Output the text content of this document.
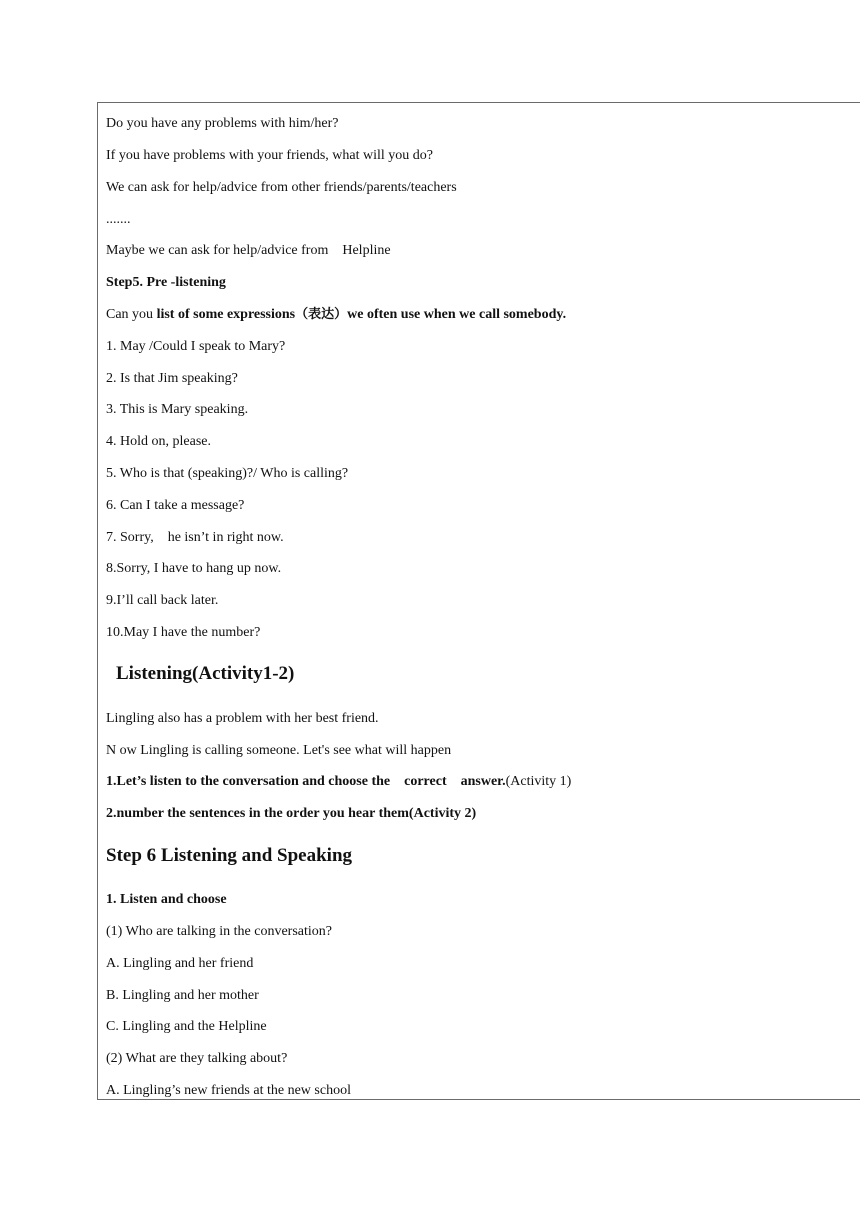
Do you have any problems with him/her?
If you have problems with your friends, what will you do?
We can ask for help/advice from other friends/parents/teachers
.......
Maybe we can ask for help/advice from    Helpline
Step5. Pre -listening
Can you list of some expressions（表达）we often use when we call somebody.
1. May /Could I speak to Mary?
2. Is that Jim speaking?
3. This is Mary speaking.
4. Hold on, please.
5. Who is that (speaking)?/ Who is calling?
6. Can I take a message?
7. Sorry,    he isn’t in right now.
8.Sorry, I have to hang up now.
9.I’ll call back later.
10.May I have the number?
Listening(Activity1-2)
Lingling also has a problem with her best friend.
N ow Lingling is calling someone. Let's see what will happen
1.Let’s listen to the conversation and choose the    correct    answer.(Activity 1)
2.number the sentences in the order you hear them(Activity 2)
Step 6 Listening and Speaking
1. Listen and choose
(1) Who are talking in the conversation?
A. Lingling and her friend
B. Lingling and her mother
C. Lingling and the Helpline
(2) What are they talking about?
A. Lingling’s new friends at the new school
